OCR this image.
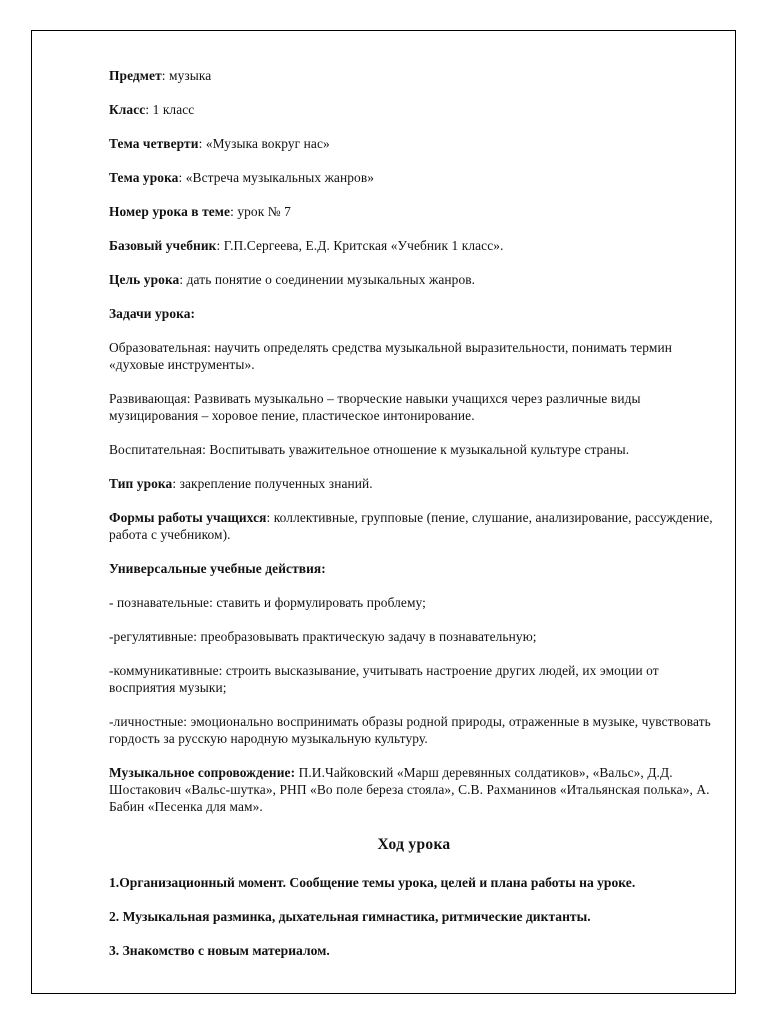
Предмет: музыка

Класс: 1 класс

Тема четверти: «Музыка вокруг нас»

Тема урока: «Встреча музыкальных жанров»

Номер урока в теме: урок № 7

Базовый учебник: Г.П.Сергеева, Е.Д. Критская «Учебник 1 класс».

Цель урока: дать понятие о соединении музыкальных жанров.

Задачи урока:

Образовательная: научить определять средства музыкальной выразительности, понимать термин «духовые инструменты».

Развивающая: Развивать музыкально – творческие навыки учащихся через различные виды музицирования – хоровое пение, пластическое интонирование.

Воспитательная: Воспитывать уважительное отношение к музыкальной культуре страны.

Тип урока: закрепление полученных знаний.

Формы работы учащихся: коллективные, групповые (пение, слушание, анализирование, рассуждение, работа с учебником).

Универсальные учебные действия:

- познавательные: ставить и формулировать проблему;

-регулятивные: преобразовывать практическую задачу в познавательную;

-коммуникативные: строить высказывание, учитывать настроение других людей, их эмоции от восприятия музыки;

-личностные: эмоционально воспринимать образы родной природы, отраженные в музыке, чувствовать гордость за русскую народную музыкальную культуру.

Музыкальное сопровождение: П.И.Чайковский «Марш деревянных солдатиков», «Вальс», Д.Д. Шостакович «Вальс-шутка», РНП «Во поле береза стояла», С.В. Рахманинов «Итальянская полька», А. Бабин «Песенка для мам».

Ход урока

1.Организационный момент. Сообщение темы урока, целей и плана работы на уроке.

2. Музыкальная разминка, дыхательная гимнастика, ритмические диктанты.

3. Знакомство с новым материалом.
